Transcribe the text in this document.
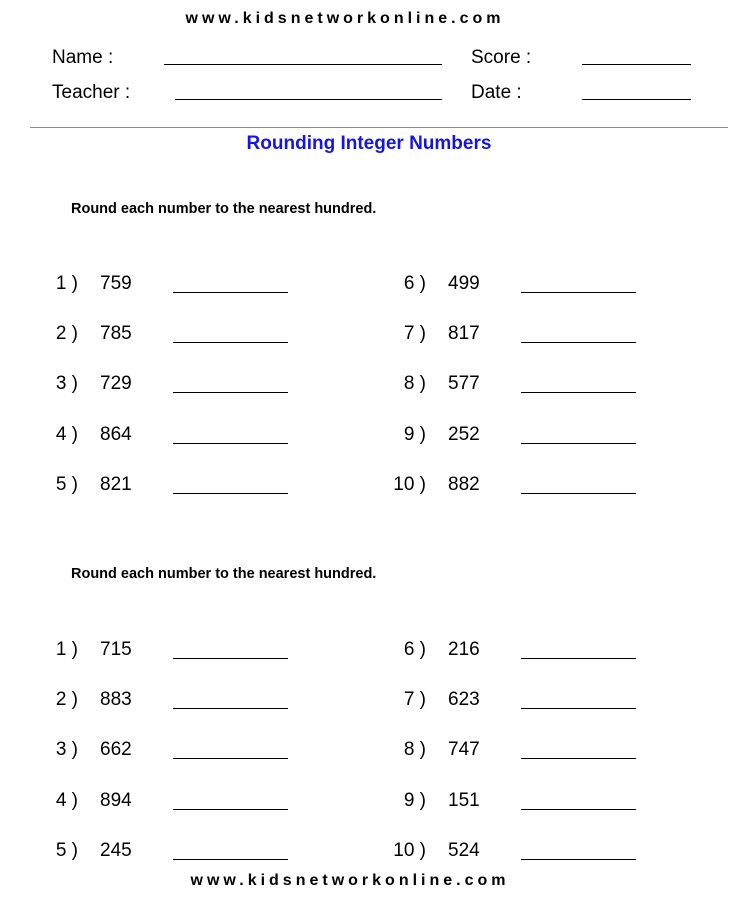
www.kidsnetworkonline.com
Name :	Score :
Teacher :	Date :
Rounding Integer Numbers
Round each number to the nearest hundred.
1 ) 759
2 ) 785
3 ) 729
4 ) 864
5 ) 821
6 ) 499
7 ) 817
8 ) 577
9 ) 252
10 ) 882
Round each number to the nearest hundred.
1 ) 715
2 ) 883
3 ) 662
4 ) 894
5 ) 245
6 ) 216
7 ) 623
8 ) 747
9 ) 151
10 ) 524
www.kidsnetworkonline.com
